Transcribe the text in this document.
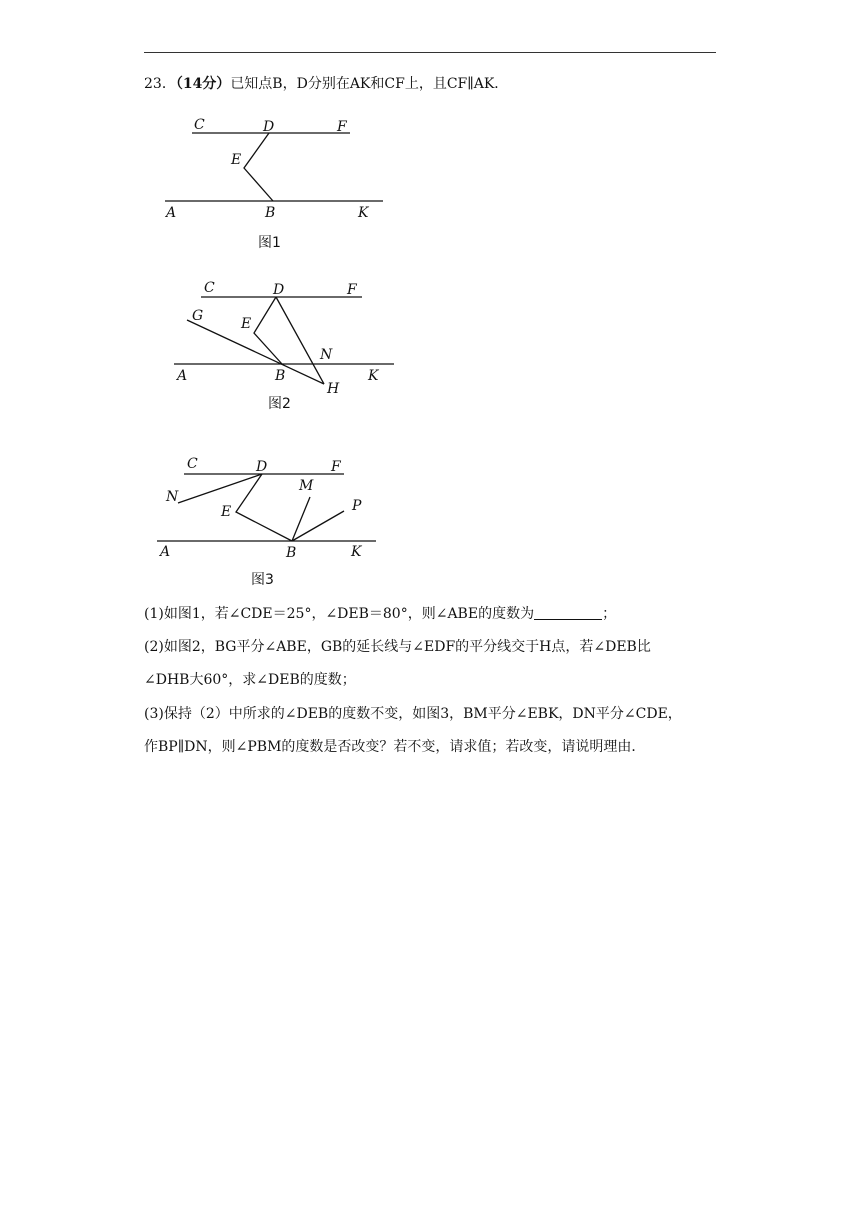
23．（14分）已知点B，D分别在AK和CF上，且CF∥AK．
C	D	F
E
A	B	K
图1
C	D	F
G	E
N
A	B
H
K
图2
C	D	F
N
M
E	P
A	B	K
图3
(1)如图1，若∠CDE＝25°，∠DEB＝80°，则∠ABE的度数为	；
(2)如图2，BG平分∠ABE，GB的延长线与∠EDF的平分线交于H点，若∠DEB比
∠DHB大60°，求∠DEB的度数；
(3)保持（2）中所求的∠DEB的度数不变，如图3，BM平分∠EBK，DN平分∠CDE，
作BP∥DN，则∠PBM的度数是否改变？若不变，请求值；若改变，请说明理由．
